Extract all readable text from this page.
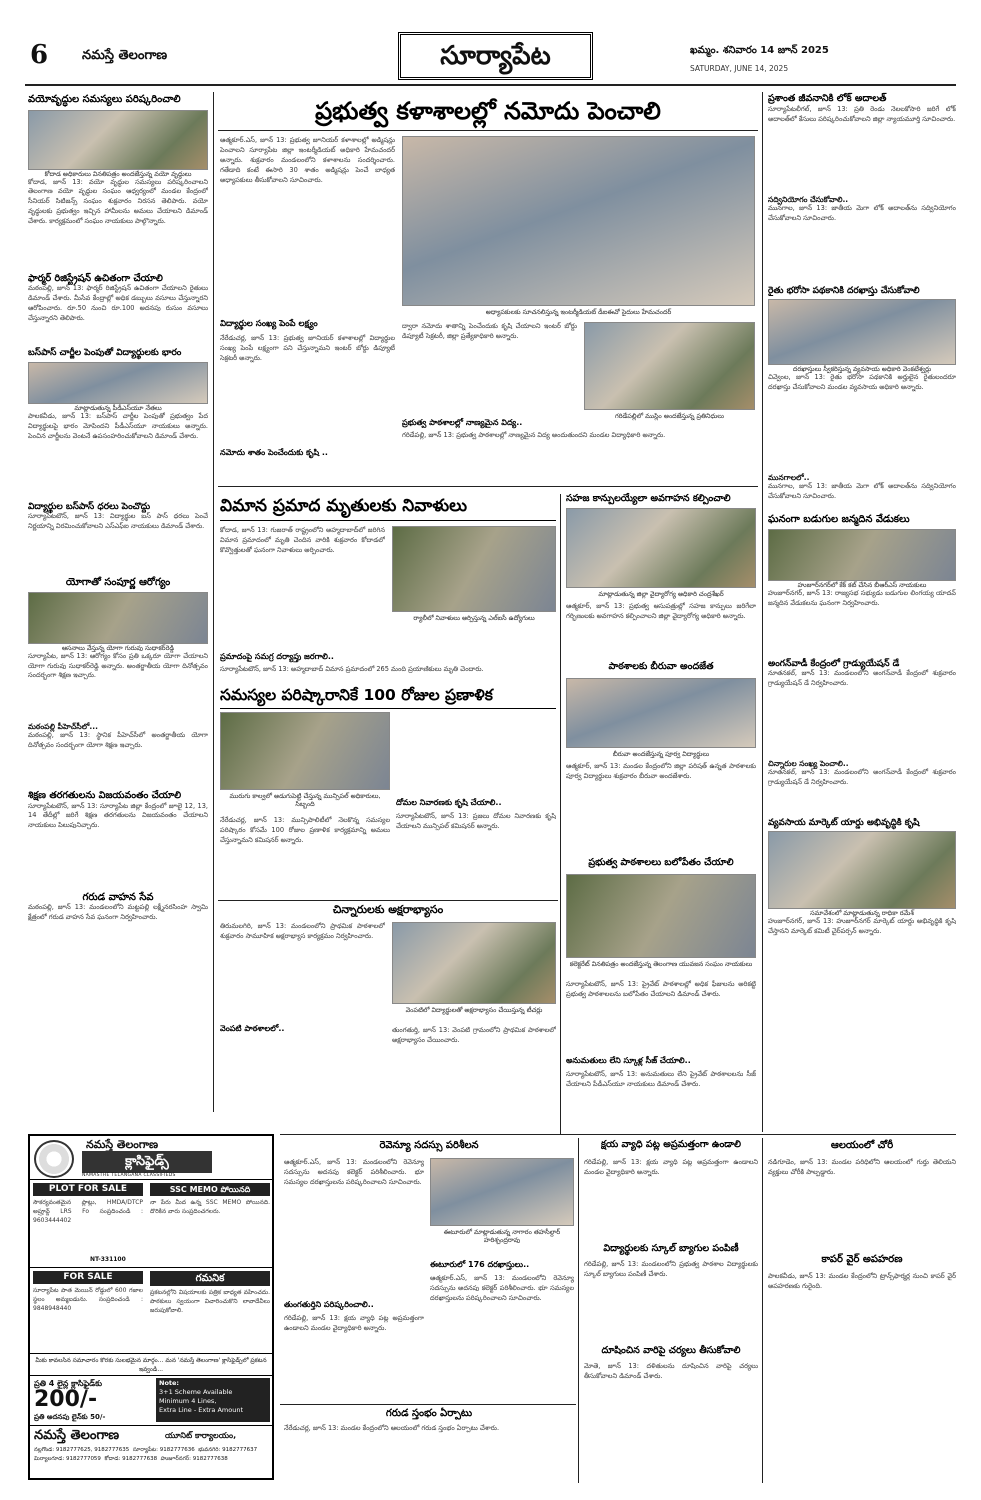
6	నమస్తే తెలంగాణ	సూర్యాపేట	ఖమ్మం. శనివారం 14 జూన్ 2025
SATURDAY, JUNE 14, 2025
వయోవృద్ధుల సమస్యలు పరిష్కరించాలి
కోదాడ అధికారులు వినతిపత్రం అందజేస్తున్న వయో వృద్ధులు
కోదాడ, జూన్ 13: వయో వృద్ధుల సమస్యలు పరిష్కరించాలని తెలంగాణ వయో వృద్ధుల సంఘం ఆధ్వర్యంలో మండల కేంద్రంలో సీనియర్ సిటిజన్స్ సంఘం శుక్రవారం నిరసన తెలిపారు. వయో వృద్ధులకు ప్రభుత్వం ఇచ్చిన హామీలను అమలు చేయాలని డిమాండ్ చేశారు. కార్యక్రమంలో సంఘం నాయకులు పాల్గొన్నారు.
ఫార్మర్ రిజిస్ట్రేషన్ ఉచితంగా చేయాలి
మఠంపల్లి, జూన్ 13: ఫార్మర్ రిజిస్ట్రేషన్ ఉచితంగా చేయాలని రైతులు డిమాండ్ చేశారు. మీసేవ కేంద్రాల్లో అధిక డబ్బులు వసూలు చేస్తున్నారని ఆరోపించారు. రూ.50 నుంచి రూ.100 అదనపు రుసుం వసూలు చేస్తున్నారని తెలిపారు.
బస్‌పాస్ చార్జీల పెంపుతో విద్యార్థులకు భారం
మాట్లాడుతున్న పీడీఎస్‌యూ నేతలు
పాలకవీడు, జూన్ 13: బస్‌పాస్ చార్జీల పెంపుతో ప్రభుత్వం పేద విద్యార్థులపై భారం మోపిందని పీడీఎస్‌యూ నాయకులు అన్నారు. పెంచిన చార్జీలను వెంటనే ఉపసంహరించుకోవాలని డిమాండ్ చేశారు.
విద్యార్థుల బస్‌పాస్ ధరలు పెంచొద్దు
సూర్యాపేటటౌన్, జూన్ 13: విద్యార్థుల బస్ పాస్ ధరలు పెంచే నిర్ణయాన్ని విరమించుకోవాలని ఎస్ఎఫ్ఐ నాయకులు డిమాండ్ చేశారు.
యోగాతో సంపూర్ణ ఆరోగ్యం
ఆసనాలు వేస్తున్న యోగా గురువు సుధాకర్‌రెడ్డి
సూర్యాపేట, జూన్ 13: ఆరోగ్యం కోసం ప్రతి ఒక్కరూ యోగా చేయాలని యోగా గురువు సుధాకర్‌రెడ్డి అన్నారు. అంతర్జాతీయ యోగా దినోత్సవం సందర్భంగా శిక్షణ ఇచ్చారు.
మఠంపల్లి పీహెచ్‌సీలో...
మఠంపల్లి, జూన్ 13: స్థానిక పీహెచ్‌సీలో అంతర్జాతీయ యోగా దినోత్సవం సందర్భంగా యోగా శిక్షణ ఇచ్చారు.
శిక్షణ తరగతులను విజయవంతం చేయాలి
సూర్యాపేటటౌన్, జూన్ 13: సూర్యాపేట జిల్లా కేంద్రంలో జూలై 12, 13, 14 తేదీల్లో జరిగే శిక్షణ తరగతులను విజయవంతం చేయాలని నాయకులు పిలుపునిచ్చారు.
గరుడ వాహన సేవ
మఠంపల్లి, జూన్ 13: మండలంలోని మట్టపల్లి లక్ష్మీనరసింహ స్వామి క్షేత్రంలో గరుడ వాహన సేవ ఘనంగా నిర్వహించారు.
ప్రభుత్వ కళాశాలల్లో నమోదు పెంచాలి
ఆత్మకూర్.ఎస్, జూన్ 13: ప్రభుత్వ జూనియర్ కళాశాలల్లో అడ్మిషన్లు పెంచాలని సూర్యాపేట జిల్లా ఇంటర్మీడియట్ అధికారి హేమచందర్ అన్నారు. శుక్రవారం మండలంలోని కళాశాలను సందర్శించారు. గతేడాది కంటే ఈసారి 30 శాతం అడ్మిషన్లు పెంచే బాధ్యత అధ్యాపకులు తీసుకోవాలని సూచించారు.
అధ్యాపకులకు సూచనలిస్తున్న ఇంటర్మీడియట్ డీఐఈవో సైదులు హేమచందర్
విద్యార్థుల సంఖ్య పెంపే లక్ష్యం
నేరేడుచర్ల, జూన్ 13: ప్రభుత్వ జూనియర్ కళాశాలల్లో విద్యార్థుల సంఖ్య పెంపే లక్ష్యంగా పని చేస్తున్నామని ఇంటర్ బోర్డు డిప్యూటీ సెక్రటరీ అన్నారు.
ద్వారా నమోదు శాతాన్ని పెంచేందుకు కృషి చేయాలని ఇంటర్ బోర్డు డిప్యూటీ సెక్రటరీ, జిల్లా ప్రత్యేకాధికారి అన్నారు.
గరిడేపల్లిలో ముస్లిం అందజేస్తున్న ప్రతినిధులు
ప్రభుత్వ పాఠశాలల్లో నాణ్యమైన విద్య..
గరిడేపల్లి, జూన్ 13: ప్రభుత్వ పాఠశాలల్లో నాణ్యమైన విద్య అందుతుందని మండల విద్యాధికారి అన్నారు.
నమోదు శాతం పెంచేందుకు కృషి ..
విమాన ప్రమాద మృతులకు నివాళులు
కోదాడ, జూన్ 13: గుజరాత్ రాష్ట్రంలోని అహ్మదాబాద్‌లో జరిగిన విమాన ప్రమాదంలో మృతి చెందిన వారికి శుక్రవారం కోదాడలో కొవ్వొత్తులతో ఘనంగా నివాళులు అర్పించారు.
ర్యాలీలో నివాళులు అర్పిస్తున్న ఎల్ఐసీ ఉద్యోగులు
ప్రమాదంపై సమగ్ర దర్యాప్తు జరగాలి..
సూర్యాపేటటౌన్, జూన్ 13: అహ్మదాబాద్ విమాన ప్రమాదంలో 265 మంది ప్రయాణికులు మృతి చెందారు.
సహజ కాన్పులయ్యేలా అవగాహన కల్పించాలి
మాట్లాడుతున్న జిల్లా వైద్యారోగ్య అధికారి చంద్రశేఖర్
ఆత్మకూర్, జూన్ 13: ప్రభుత్వ ఆసుపత్రుల్లో సహజ కాన్పులు జరిగేలా గర్భిణులకు అవగాహన కల్పించాలని జిల్లా వైద్యారోగ్య అధికారి అన్నారు.
సమస్యల పరిష్కారానికే 100 రోజుల ప్రణాళిక
మురుగు కాల్వలో అడుగుపెట్టి చేస్తున్న మున్సిపల్ అధికారులు, సిబ్బంది
నేరేడుచర్ల, జూన్ 13: మున్సిపాలిటీలో నెలకొన్న సమస్యల పరిష్కారం కోసమే 100 రోజుల ప్రణాళిక కార్యక్రమాన్ని అమలు చేస్తున్నామని కమిషనర్ అన్నారు.
దోమల నివారణకు కృషి చేయాలి..
సూర్యాపేటటౌన్, జూన్ 13: ప్రజలు దోమల నివారణకు కృషి చేయాలని మున్సిపల్ కమిషనర్ అన్నారు.
పాఠశాలకు బీరువా అందజేత
బీరువా అందజేస్తున్న పూర్వ విద్యార్థులు
ఆత్మకూర్, జూన్ 13: మండల కేంద్రంలోని జిల్లా పరిషత్ ఉన్నత పాఠశాలకు పూర్వ విద్యార్థులు శుక్రవారం బీరువా అందజేశారు.
చిన్నారులకు అక్షరాభ్యాసం
తిరుమలగిరి, జూన్ 13: మండలంలోని ప్రాథమిక పాఠశాలలో శుక్రవారం సామూహిక అక్షరాభ్యాస కార్యక్రమం నిర్వహించారు.
వెంపటిలో విద్యార్థులతో అక్షరాభ్యాసం చేయిస్తున్న టీచర్లు
వెంపటి పాఠశాలలో..	తుంగతుర్తి, జూన్ 13: వెంపటి గ్రామంలోని ప్రాథమిక పాఠశాలలో అక్షరాభ్యాసం చేయించారు.
ప్రభుత్వ పాఠశాలలు బలోపేతం చేయాలి
కలెక్టరేట్ వినతిపత్రం అందజేస్తున్న తెలంగాణ యువజన సంఘం నాయకులు
సూర్యాపేటటౌన్, జూన్ 13: ప్రైవేట్ పాఠశాలల్లో అధిక ఫీజులను అరికట్టి ప్రభుత్వ పాఠశాలలను బలోపేతం చేయాలని డిమాండ్ చేశారు.
అనుమతులు లేని స్కూళ్ల సీజ్ చేయాలి..
సూర్యాపేటటౌన్, జూన్ 13: అనుమతులు లేని ప్రైవేట్ పాఠశాలలను సీజ్ చేయాలని పీడీఎస్‌యూ నాయకులు డిమాండ్ చేశారు.
ప్రశాంత జీవనానికి లోక్ అదాలత్
సూర్యాపేటలీగల్, జూన్ 13: ప్రతి రెండు నెలలకోసారి జరిగే లోక్ అదాలత్‌లో కేసులు పరిష్కరించుకోవాలని జిల్లా న్యాయమూర్తి సూచించారు.
సద్వినియోగం చేసుకోవాలి..
మునగాల, జూన్ 13: జాతీయ మెగా లోక్ అదాలత్‌ను సద్వినియోగం చేసుకోవాలని సూచించారు.
రైతు భరోసా పథకానికి దరఖాస్తు చేసుకోవాలి
దరఖాస్తులు స్వీకరిస్తున్న వ్యవసాయ అధికారి వెంకటేశ్వర్లు
చివ్వెంల, జూన్ 13: రైతు భరోసా పథకానికి అర్హులైన రైతులందరూ దరఖాస్తు చేసుకోవాలని మండల వ్యవసాయ అధికారి అన్నారు.
మునగాలలో..
మునగాల, జూన్ 13: జాతీయ మెగా లోక్ అదాలత్‌ను సద్వినియోగం చేసుకోవాలని సూచించారు.
ఘనంగా బడుగుల జన్మదిన వేడుకలు
హుజూర్‌నగర్‌లో కేక్ కట్ చేసిన బీఆర్‌ఎస్ నాయకులు
హుజూర్‌నగర్, జూన్ 13: రాజ్యసభ సభ్యుడు బడుగుల లింగయ్య యాదవ్ జన్మదిన వేడుకలను ఘనంగా నిర్వహించారు.
అంగన్‌వాడీ కేంద్రంలో గ్రాడ్యుయేషన్ డే
నూతనకల్, జూన్ 13: మండలంలోని అంగన్‌వాడీ కేంద్రంలో శుక్రవారం గ్రాడ్యుయేషన్ డే నిర్వహించారు.
చిన్నారుల సంఖ్య పెంచాలి..
నూతనకల్, జూన్ 13: మండలంలోని అంగన్‌వాడీ కేంద్రంలో శుక్రవారం గ్రాడ్యుయేషన్ డే నిర్వహించారు.
వ్యవసాయ మార్కెట్ యార్డు అభివృద్ధికి కృషి
సమావేశంలో మాట్లాడుతున్న రాధికా రమేశ్
హుజూర్‌నగర్, జూన్ 13: హుజూర్‌నగర్ మార్కెట్ యార్డు అభివృద్ధికి కృషి చేస్తానని మార్కెట్ కమిటీ చైర్‌పర్సన్ అన్నారు.
నమస్తే తెలంగాణ
క్లాసిఫైడ్స్
NAMASTHE TELANGANA CLASSIFIEDS
PLOT FOR SALE
సౌకర్యవంతమైన ప్లాట్లు, HMDA/DTCP అప్రూవ్డ్ LRS Fo సంప్రదించండి : 9603444402
NT-331100
SSC MEMO పోయినది
నా పేరు మీద ఉన్న SSC MEMO పోయినది. దొరికిన వారు సంప్రదించగలరు.
FOR SALE
సూర్యాపేట పాత మెయిన్ రోడ్డులో 600 గజాల స్థలం అమ్మబడును. సంప్రదించండి : 9848948440
గమనిక
ప్రకటనల్లోని విషయాలకు పత్రిక బాధ్యత వహించదు. పాఠకులు స్వయంగా విచారించుకొని లావాదేవీలు జరుపుకోవాలి.
మీకు కావలసిన సమాచారం కొరకు సులభమైన మార్గం... మన 'నమస్తే తెలంగాణ' క్లాసిఫైడ్స్‌లో ప్రకటన ఇవ్వండి...
ప్రతి 4 లైన్ల క్లాసిఫైడ్‌కు
200/-
ప్రతి అదనపు లైన్‌కు 50/-
Note:
3+1 Scheme Available
Minimum 4 Lines,
Extra Line - Extra Amount
నమస్తే తెలంగాణ	యూనిట్ కార్యాలయం,
నల్లగొండ: 9182777625, 9182777635 సూర్యాపేట: 9182777636 భువనగిరి: 9182777637
మిర్యాలగూడ: 9182777059 కోదాడ: 9182777638 హుజూర్‌నగర్: 9182777638
రెవెన్యూ సదస్సు పరిశీలన
ఆత్మకూర్.ఎస్, జూన్ 13: మండలంలోని రెవెన్యూ సదస్సును అదనపు కలెక్టర్ పరిశీలించారు. భూ సమస్యల దరఖాస్తులను పరిష్కరించాలని సూచించారు.
ఈటూరులో మాట్లాడుతున్న నాగారం తహసీల్దార్ హరిశ్చంద్రరావు
ఈటూరులో 176 దరఖాస్తులు..
ఆత్మకూర్.ఎస్, జూన్ 13: మండలంలోని రెవెన్యూ సదస్సును అదనపు కలెక్టర్ పరిశీలించారు. భూ సమస్యల దరఖాస్తులను పరిష్కరించాలని సూచించారు.
తుంగతుర్తిని పరిష్కరించాలి..
గరిడేపల్లి, జూన్ 13: క్షయ వ్యాధి పట్ల అప్రమత్తంగా ఉండాలని మండల వైద్యాధికారి అన్నారు.
గరుడ స్తంభం ఏర్పాటు
నేరేడుచర్ల, జూన్ 13: మండల కేంద్రంలోని ఆలయంలో గరుడ స్తంభం ఏర్పాటు చేశారు.
క్షయ వ్యాధి పట్ల అప్రమత్తంగా ఉండాలి
గరిడేపల్లి, జూన్ 13: క్షయ వ్యాధి పట్ల అప్రమత్తంగా ఉండాలని మండల వైద్యాధికారి అన్నారు.
విద్యార్థులకు స్కూల్ బ్యాగుల పంపిణీ
గరిడేపల్లి, జూన్ 13: మండలంలోని ప్రభుత్వ పాఠశాల విద్యార్థులకు స్కూల్ బ్యాగులు పంపిణీ చేశారు.
దూషించిన వారిపై చర్యలు తీసుకోవాలి
మోతె, జూన్ 13: దళితులను దూషించిన వారిపై చర్యలు తీసుకోవాలని డిమాండ్ చేశారు.
ఆలయంలో చోరీ
నడిగూడెం, జూన్ 13: మండల పరిధిలోని ఆలయంలో గుర్తు తెలియని వ్యక్తులు చోరీకి పాల్పడ్డారు.
కాపర్ వైర్ అపహరణ
పాలకవీడు, జూన్ 13: మండల కేంద్రంలోని ట్రాన్స్‌ఫార్మర్ల నుంచి కాపర్ వైర్ అపహరణకు గురైంది.
